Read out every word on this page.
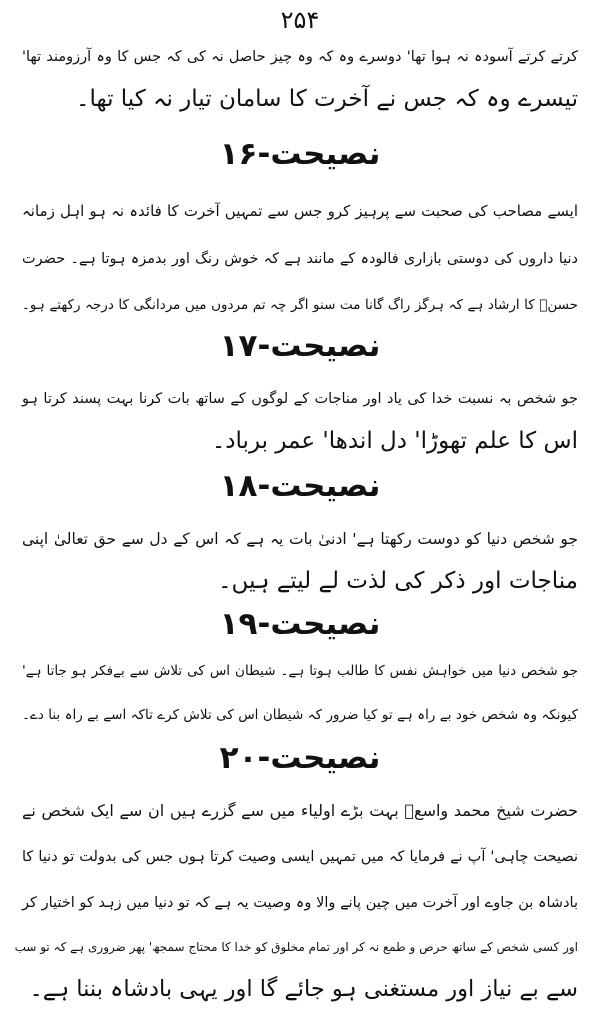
۲۵۴
کرتے کرتے آسودہ نہ ہوا تھا' دوسرے وہ کہ وہ چیز حاصل نہ کی کہ جس کا وہ آرزومند تھا'
تیسرے وہ کہ جس نے آخرت کا سامان تیار نہ کیا تھا۔
نصیحت-۱۶
ایسے مصاحب کی صحبت سے پرہیز کرو جس سے تمہیں آخرت کا فائدہ نہ ہو اہل زمانہ
دنیا داروں کی دوستی بازاری فالودہ کے مانند ہے کہ خوش رنگ اور بدمزہ ہوتا ہے۔ حضرت
حسنؓ کا ارشاد ہے کہ ہرگز راگ گانا مت سنو اگر چہ تم مردوں میں مردانگی کا درجہ رکھتے ہو۔
نصیحت-۱۷
جو شخص بہ نسبت خدا کی یاد اور مناجات کے لوگوں کے ساتھ بات کرنا بہت پسند کرتا ہو
اس کا علم تھوڑا' دل اندھا' عمر برباد۔
نصیحت-۱۸
جو شخص دنیا کو دوست رکھتا ہے' ادنیٰ بات یہ ہے کہ اس کے دل سے حق تعالیٰ اپنی
مناجات اور ذکر کی لذت لے لیتے ہیں۔
نصیحت-۱۹
جو شخص دنیا میں خواہش نفس کا طالب ہوتا ہے۔ شیطان اس کی تلاش سے بےفکر ہو جاتا ہے'
کیونکہ وہ شخص خود بے راہ ہے تو کیا ضرور کہ شیطان اس کی تلاش کرے تاکہ اسے بے راہ بنا دے۔
نصیحت-۲۰
حضرت شیخ محمد واسعؒ بہت بڑے اولیاء میں سے گزرے ہیں ان سے ایک شخص نے
نصیحت چاہی' آپ نے فرمایا کہ میں تمہیں ایسی وصیت کرتا ہوں جس کی بدولت تو دنیا کا
بادشاہ بن جاوے اور آخرت میں چین پانے والا وہ وصیت یہ ہے کہ تو دنیا میں زہد کو اختیار کر
اور کسی شخص کے ساتھ حرص و طمع نہ کر اور تمام مخلوق کو خدا کا محتاج سمجھ' پھر ضروری ہے کہ تو سب
سے بے نیاز اور مستغنی ہو جائے گا اور یہی بادشاہ بننا ہے۔
